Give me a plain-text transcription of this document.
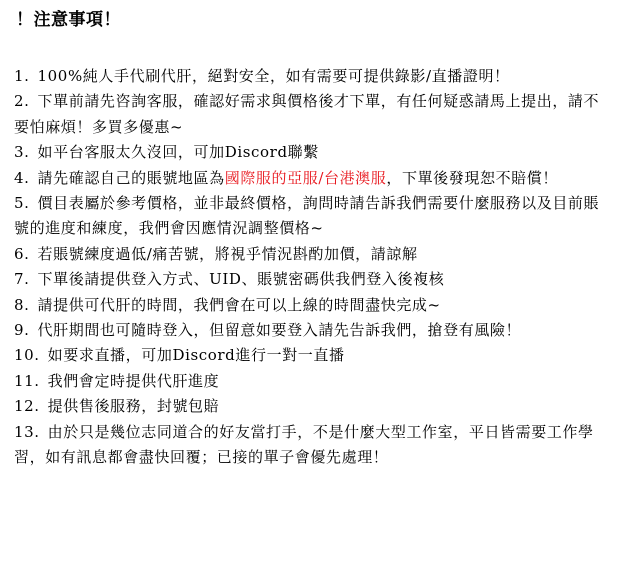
！注意事項！
1. 100%純人手代刷代肝，絕對安全，如有需要可提供錄影/直播證明！
2. 下單前請先咨詢客服，確認好需求與價格後才下單，有任何疑惑請馬上提出，請不要怕麻煩！多買多優惠~
3. 如平台客服太久沒回，可加Discord聯繫
4. 請先確認自己的賬號地區為國際服的亞服/台港澳服，下單後發現恕不賠償！
5. 價目表屬於參考價格，並非最終價格，詢問時請告訴我們需要什麼服務以及目前賬號的進度和練度，我們會因應情況調整價格~
6. 若賬號練度過低/痛苦號，將視乎情況斟酌加價，請諒解
7. 下單後請提供登入方式、UID、賬號密碼供我們登入後複核
8. 請提供可代肝的時間，我們會在可以上線的時間盡快完成~
9. 代肝期間也可隨時登入，但留意如要登入請先告訴我們，搶登有風險！
10. 如要求直播，可加Discord進行一對一直播
11. 我們會定時提供代肝進度
12. 提供售後服務，封號包賠
13. 由於只是幾位志同道合的好友當打手，不是什麼大型工作室，平日皆需要工作學習，如有訊息都會盡快回覆；已接的單子會優先處理！
